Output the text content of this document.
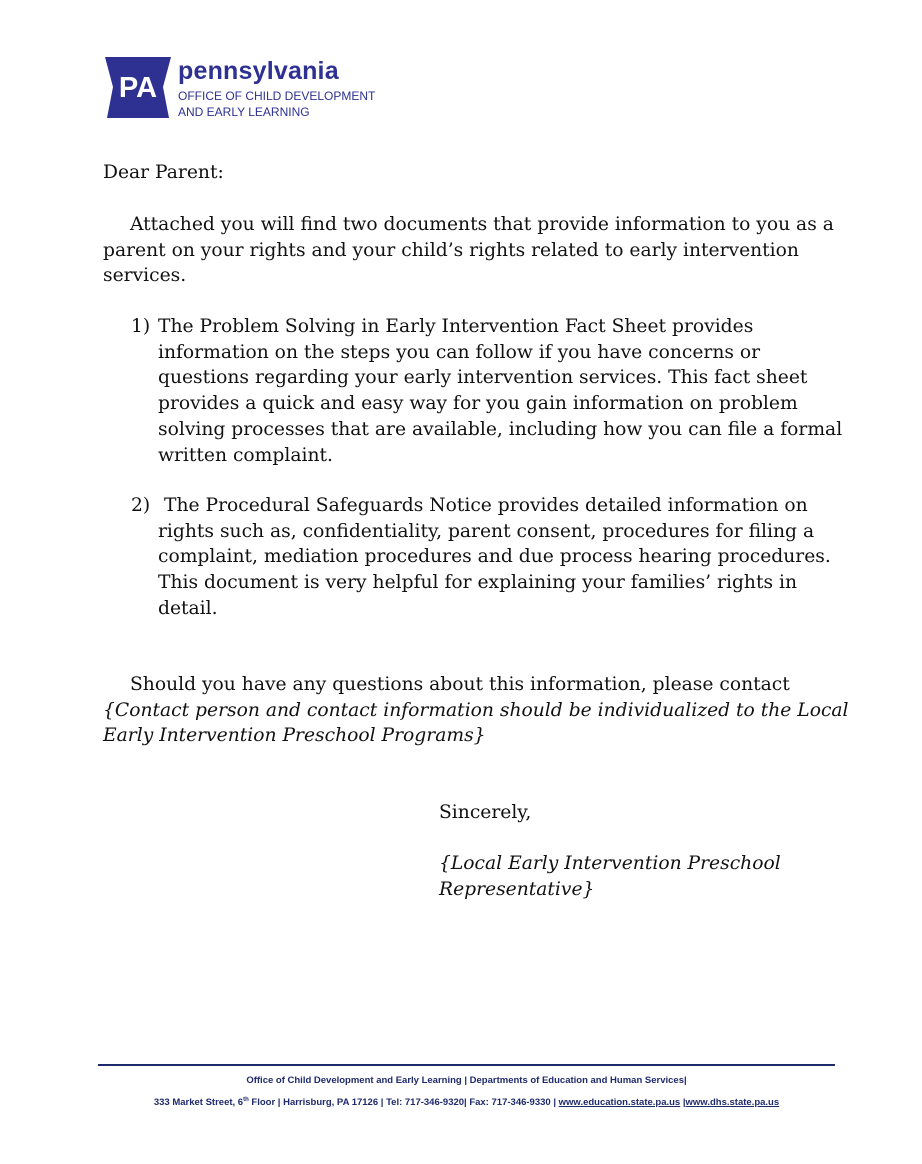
PA
pennsylvania
OFFICE OF CHILD DEVELOPMENT
AND EARLY LEARNING
Dear Parent:
Attached you will find two documents that provide information to you as a
parent on your rights and your child’s rights related to early intervention
services.
1) The Problem Solving in Early Intervention Fact Sheet provides
information on the steps you can follow if you have concerns or
questions regarding your early intervention services. This fact sheet
provides a quick and easy way for you gain information on problem
solving processes that are available, including how you can file a formal
written complaint.
2) The Procedural Safeguards Notice provides detailed information on
rights such as, confidentiality, parent consent, procedures for filing a
complaint, mediation procedures and due process hearing procedures.
This document is very helpful for explaining your families’ rights in
detail.
Should you have any questions about this information, please contact
{Contact person and contact information should be individualized to the Local
Early Intervention Preschool Programs}
Sincerely,
{Local Early Intervention Preschool
Representative}
Office of Child Development and Early Learning | Departments of Education and Human Services|
333 Market Street, 6th Floor | Harrisburg, PA 17126 | Tel: 717-346-9320| Fax: 717-346-9330 | www.education.state.pa.us |www.dhs.state.pa.us
